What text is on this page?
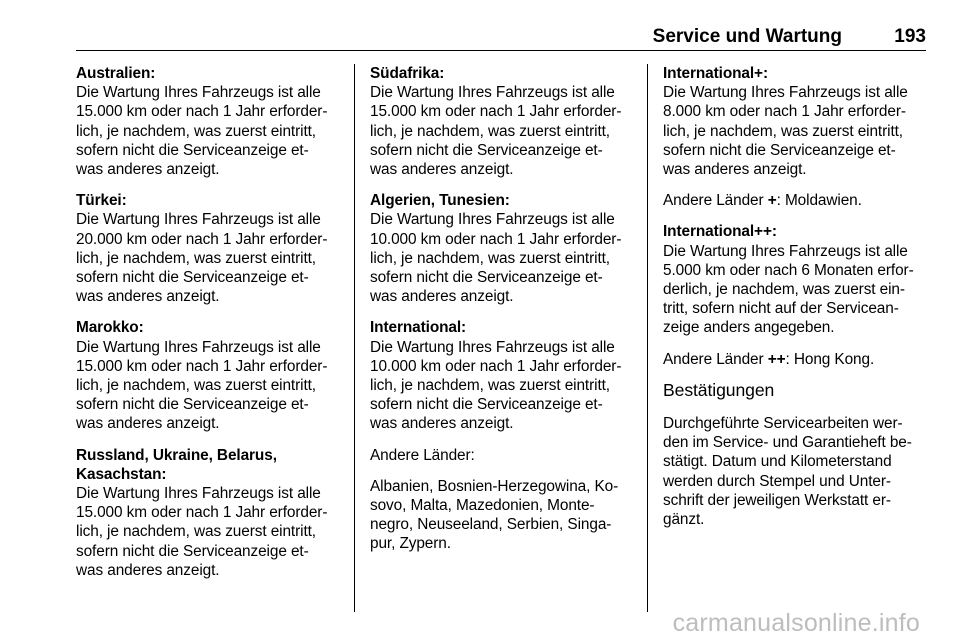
Service und Wartung	193
Australien:
Die Wartung Ihres Fahrzeugs ist alle
15.000 km oder nach 1 Jahr erforder-
lich, je nachdem, was zuerst eintritt,
sofern nicht die Serviceanzeige et-
was anderes anzeigt.
Türkei:
Die Wartung Ihres Fahrzeugs ist alle
20.000 km oder nach 1 Jahr erforder-
lich, je nachdem, was zuerst eintritt,
sofern nicht die Serviceanzeige et-
was anderes anzeigt.
Marokko:
Die Wartung Ihres Fahrzeugs ist alle
15.000 km oder nach 1 Jahr erforder-
lich, je nachdem, was zuerst eintritt,
sofern nicht die Serviceanzeige et-
was anderes anzeigt.
Russland, Ukraine, Belarus,
Kasachstan:
Die Wartung Ihres Fahrzeugs ist alle
15.000 km oder nach 1 Jahr erforder-
lich, je nachdem, was zuerst eintritt,
sofern nicht die Serviceanzeige et-
was anderes anzeigt.
Südafrika:
Die Wartung Ihres Fahrzeugs ist alle
15.000 km oder nach 1 Jahr erforder-
lich, je nachdem, was zuerst eintritt,
sofern nicht die Serviceanzeige et-
was anderes anzeigt.
Algerien, Tunesien:
Die Wartung Ihres Fahrzeugs ist alle
10.000 km oder nach 1 Jahr erforder-
lich, je nachdem, was zuerst eintritt,
sofern nicht die Serviceanzeige et-
was anderes anzeigt.
International:
Die Wartung Ihres Fahrzeugs ist alle
10.000 km oder nach 1 Jahr erforder-
lich, je nachdem, was zuerst eintritt,
sofern nicht die Serviceanzeige et-
was anderes anzeigt.
Andere Länder:
Albanien, Bosnien-Herzegowina, Ko-
sovo, Malta, Mazedonien, Monte-
negro, Neuseeland, Serbien, Singa-
pur, Zypern.
International+:
Die Wartung Ihres Fahrzeugs ist alle
8.000 km oder nach 1 Jahr erforder-
lich, je nachdem, was zuerst eintritt,
sofern nicht die Serviceanzeige et-
was anderes anzeigt.
Andere Länder +: Moldawien.
International++:
Die Wartung Ihres Fahrzeugs ist alle
5.000 km oder nach 6 Monaten erfor-
derlich, je nachdem, was zuerst ein-
tritt, sofern nicht auf der Servicean-
zeige anders angegeben.
Andere Länder ++: Hong Kong.
Bestätigungen
Durchgeführte Servicearbeiten wer-
den im Service- und Garantieheft be-
stätigt. Datum und Kilometerstand
werden durch Stempel und Unter-
schrift der jeweiligen Werkstatt er-
gänzt.
carmanualsonline.info
